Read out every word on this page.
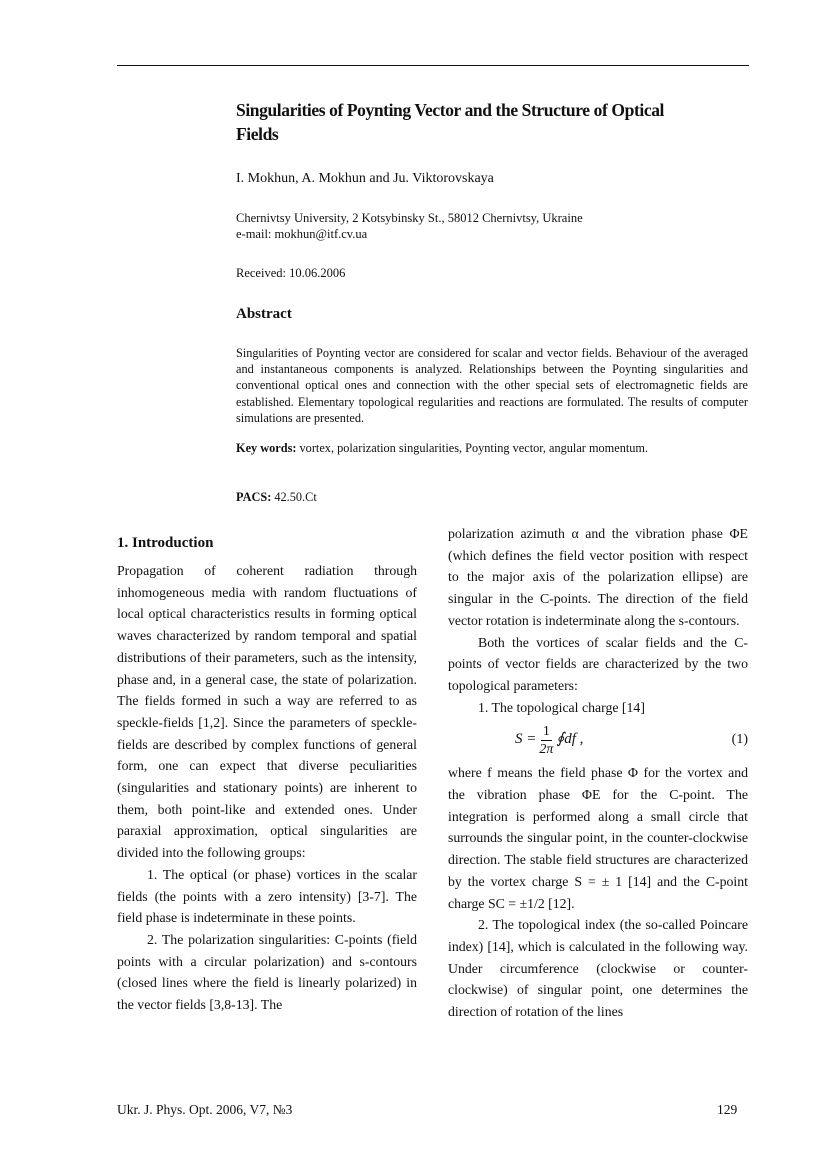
Singularities of Poynting Vector and the Structure of Optical Fields
I. Mokhun, A. Mokhun and Ju. Viktorovskaya
Chernivtsy University, 2 Kotsybinsky St., 58012 Chernivtsy, Ukraine
e-mail: mokhun@itf.cv.ua
Received: 10.06.2006
Abstract
Singularities of Poynting vector are considered for scalar and vector fields. Behaviour of the averaged and instantaneous components is analyzed. Relationships between the Poynting singularities and conventional optical ones and connection with the other special sets of electromagnetic fields are established. Elementary topological regularities and reactions are formulated. The results of computer simulations are presented.
Key words: vortex, polarization singularities, Poynting vector, angular momentum.
PACS: 42.50.Ct
1. Introduction

Propagation of coherent radiation through inhomogeneous media with random fluctuations of local optical characteristics results in forming optical waves characterized by random temporal and spatial distributions of their parameters, such as the intensity, phase and, in a general case, the state of polarization. The fields formed in such a way are referred to as speckle-fields [1,2]. Since the parameters of speckle-fields are described by complex functions of general form, one can expect that diverse peculiarities (singularities and stationary points) are inherent to them, both point-like and extended ones. Under paraxial approximation, optical singularities are divided into the following groups:

1. The optical (or phase) vortices in the scalar fields (the points with a zero intensity) [3-7]. The field phase is indeterminate in these points.

2. The polarization singularities: C-points (field points with a circular polarization) and s-contours (closed lines where the field is linearly polarized) in the vector fields [3,8-13]. The

polarization azimuth α and the vibration phase ΦE (which defines the field vector position with respect to the major axis of the polarization ellipse) are singular in the C-points. The direction of the field vector rotation is indeterminate along the s-contours.

Both the vortices of scalar fields and the C-points of vector fields are characterized by the two topological parameters:

1. The topological charge [14]

$S = \frac{1}{2\pi}$ ∮df ,	(1)

where f means the field phase Φ for the vortex and the vibration phase ΦE for the C-point. The integration is performed along a small circle that surrounds the singular point, in the counter-clockwise direction. The stable field structures are characterized by the vortex charge S = ± 1 [14] and the C-point charge SC = ±1/2 [12].

2. The topological index (the so-called Poincare index) [14], which is calculated in the following way. Under circumference (clockwise or counter-clockwise) of singular point, one determines the direction of rotation of the lines

Ukr. J. Phys. Opt. 2006, V7, №3	129
